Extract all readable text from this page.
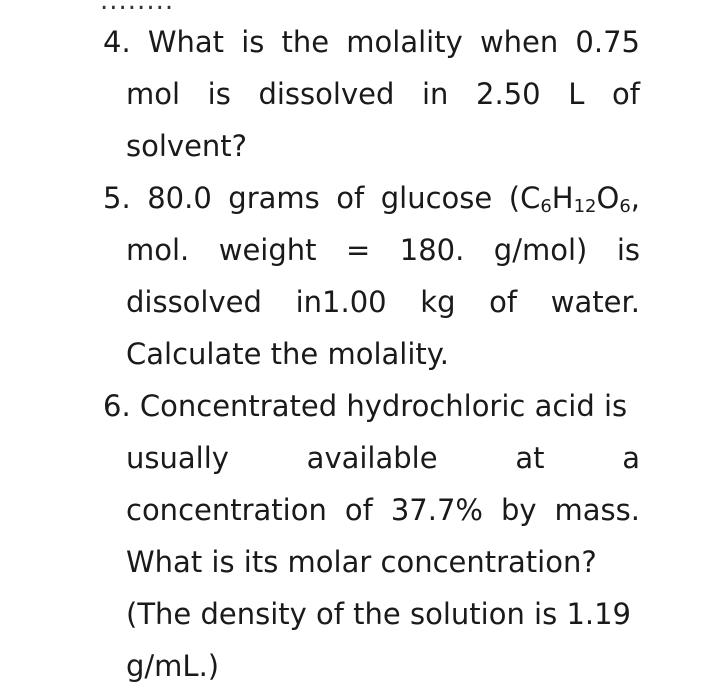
........
4. What is the molality when 0.75
mol is dissolved in 2.50 L of
solvent?
5. 80.0 grams of glucose ($C_6H_{12}O_6$,
mol. weight = 180. g/mol) is
dissolved in1.00 kg of water.
Calculate the molality.
6. Concentrated hydrochloric acid is
usually available at a
concentration of 37.7% by mass.
What is its molar concentration?
(The density of the solution is 1.19
g/mL.)
